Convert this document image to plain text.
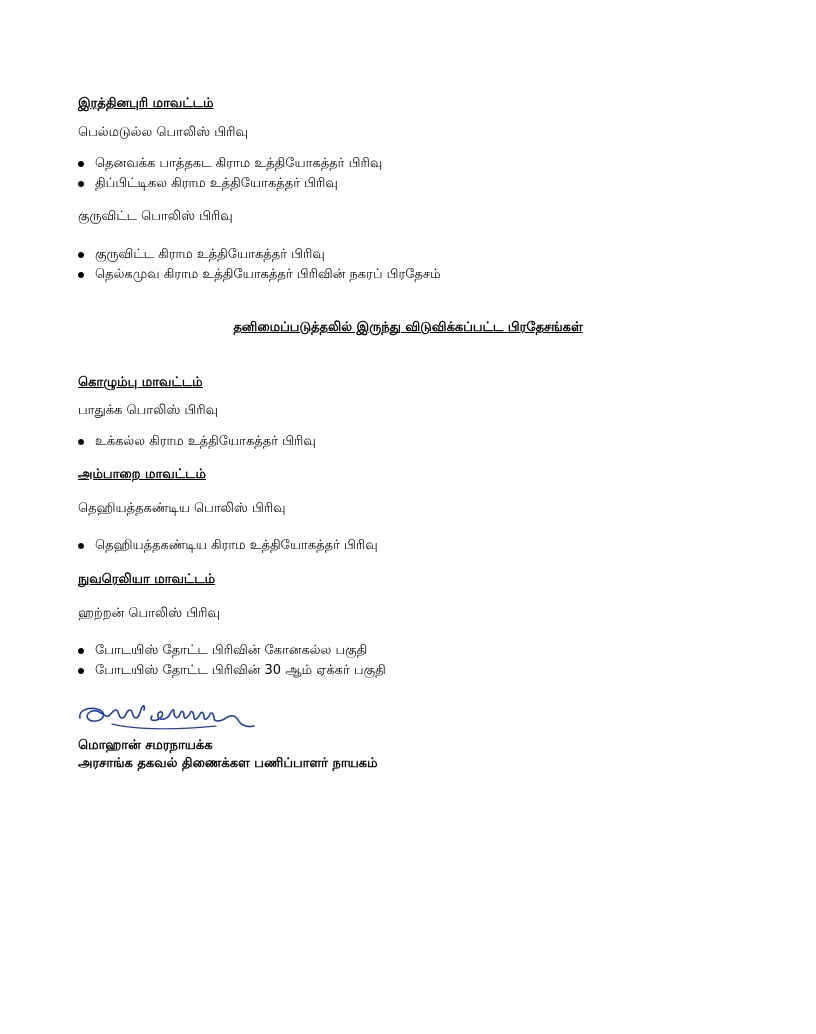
இரத்தினபுரி மாவட்டம்
பெல்மடுல்ல பொலிஸ் பிரிவு
தெனவக்க பாத்தகட கிராம உத்தியோகத்தர் பிரிவு
திப்பிட்டிகல கிராம உத்தியோகத்தர் பிரிவு
குருவிட்ட பொலிஸ் பிரிவு
குருவிட்ட கிராம உத்தியோகத்தர் பிரிவு
தெல்கமுவ கிராம உத்தியோகத்தர் பிரிவின் நகரப் பிரதேசம்
தனிமைப்படுத்தலில் இருந்து விடுவிக்கப்பட்ட பிரதேசங்கள்
கொழும்பு மாவட்டம்
பாதுக்க பொலிஸ் பிரிவு
உக்கல்ல கிராம உத்தியோகத்தர் பிரிவு
அம்பாறை மாவட்டம்
தெஹியத்தகண்டிய பொலிஸ் பிரிவு
தெஹியத்தகண்டிய கிராம உத்தியோகத்தர் பிரிவு
நுவரெலியா மாவட்டம்
ஹற்றன் பொலிஸ் பிரிவு
போடயிஸ் தோட்ட பிரிவின் கோனகல்ல பகுதி
போடயிஸ் தோட்ட பிரிவின் 30 ஆம் ஏக்கர் பகுதி
மொஹான் சமரநாயக்க
அரசாங்க தகவல் திணைக்கள பணிப்பாளர் நாயகம்
